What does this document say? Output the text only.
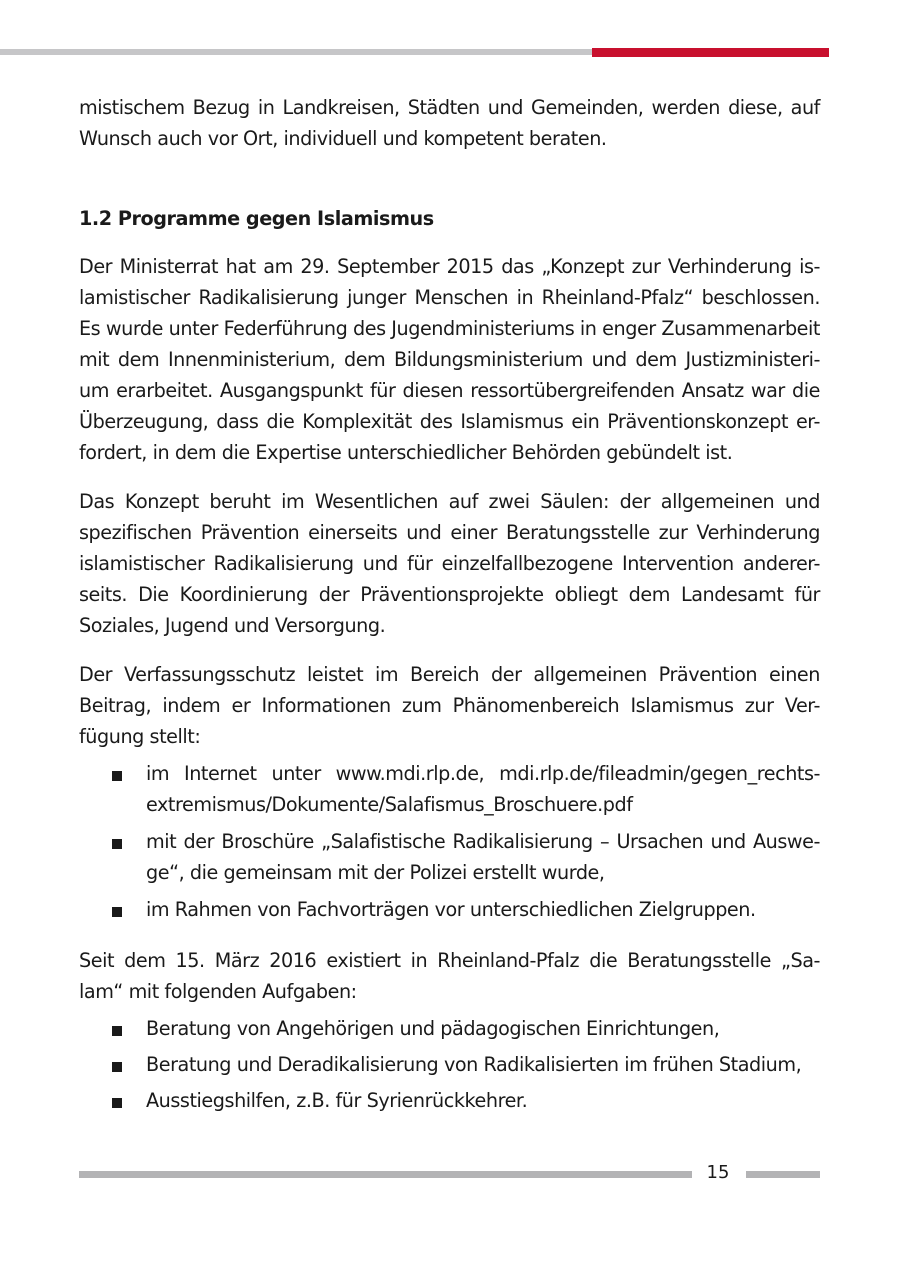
mistischem Bezug in Landkreisen, Städten und Gemeinden, werden diese, auf

Wunsch auch vor Ort, individuell und kompetent beraten.

1.2 Programme gegen Islamismus

Der Ministerrat hat am 29. September 2015 das „Konzept zur Verhinderung is-

lamistischer Radikalisierung junger Menschen in Rheinland-Pfalz“ beschlossen.

Es wurde unter Federführung des Jugendministeriums in enger Zusammenarbeit

mit dem Innenministerium, dem Bildungsministerium und dem Justizministeri-

um erarbeitet. Ausgangspunkt für diesen ressortübergreifenden Ansatz war die

Überzeugung, dass die Komplexität des Islamismus ein Präventionskonzept er-

fordert, in dem die Expertise unterschiedlicher Behörden gebündelt ist.

Das Konzept beruht im Wesentlichen auf zwei Säulen: der allgemeinen und

spezifischen Prävention einerseits und einer Beratungsstelle zur Verhinderung

islamistischer Radikalisierung und für einzelfallbezogene Intervention anderer-

seits. Die Koordinierung der Präventionsprojekte obliegt dem Landesamt für

Soziales, Jugend und Versorgung.

Der Verfassungsschutz leistet im Bereich der allgemeinen Prävention einen

Beitrag, indem er Informationen zum Phänomenbereich Islamismus zur Ver-

fügung stellt:

im Internet unter www.mdi.rlp.de, mdi.rlp.de/fileadmin/gegen_rechts-

extremismus/Dokumente/Salafismus_Broschuere.pdf

mit der Broschüre „Salafistische Radikalisierung – Ursachen und Auswe-

ge“, die gemeinsam mit der Polizei erstellt wurde,

im Rahmen von Fachvorträgen vor unterschiedlichen Zielgruppen.

Seit dem 15. März 2016 existiert in Rheinland-Pfalz die Beratungsstelle „Sa-

lam“ mit folgenden Aufgaben:

Beratung von Angehörigen und pädagogischen Einrichtungen,

Beratung und Deradikalisierung von Radikalisierten im frühen Stadium,

Ausstiegshilfen, z.B. für Syrienrückkehrer.

15
